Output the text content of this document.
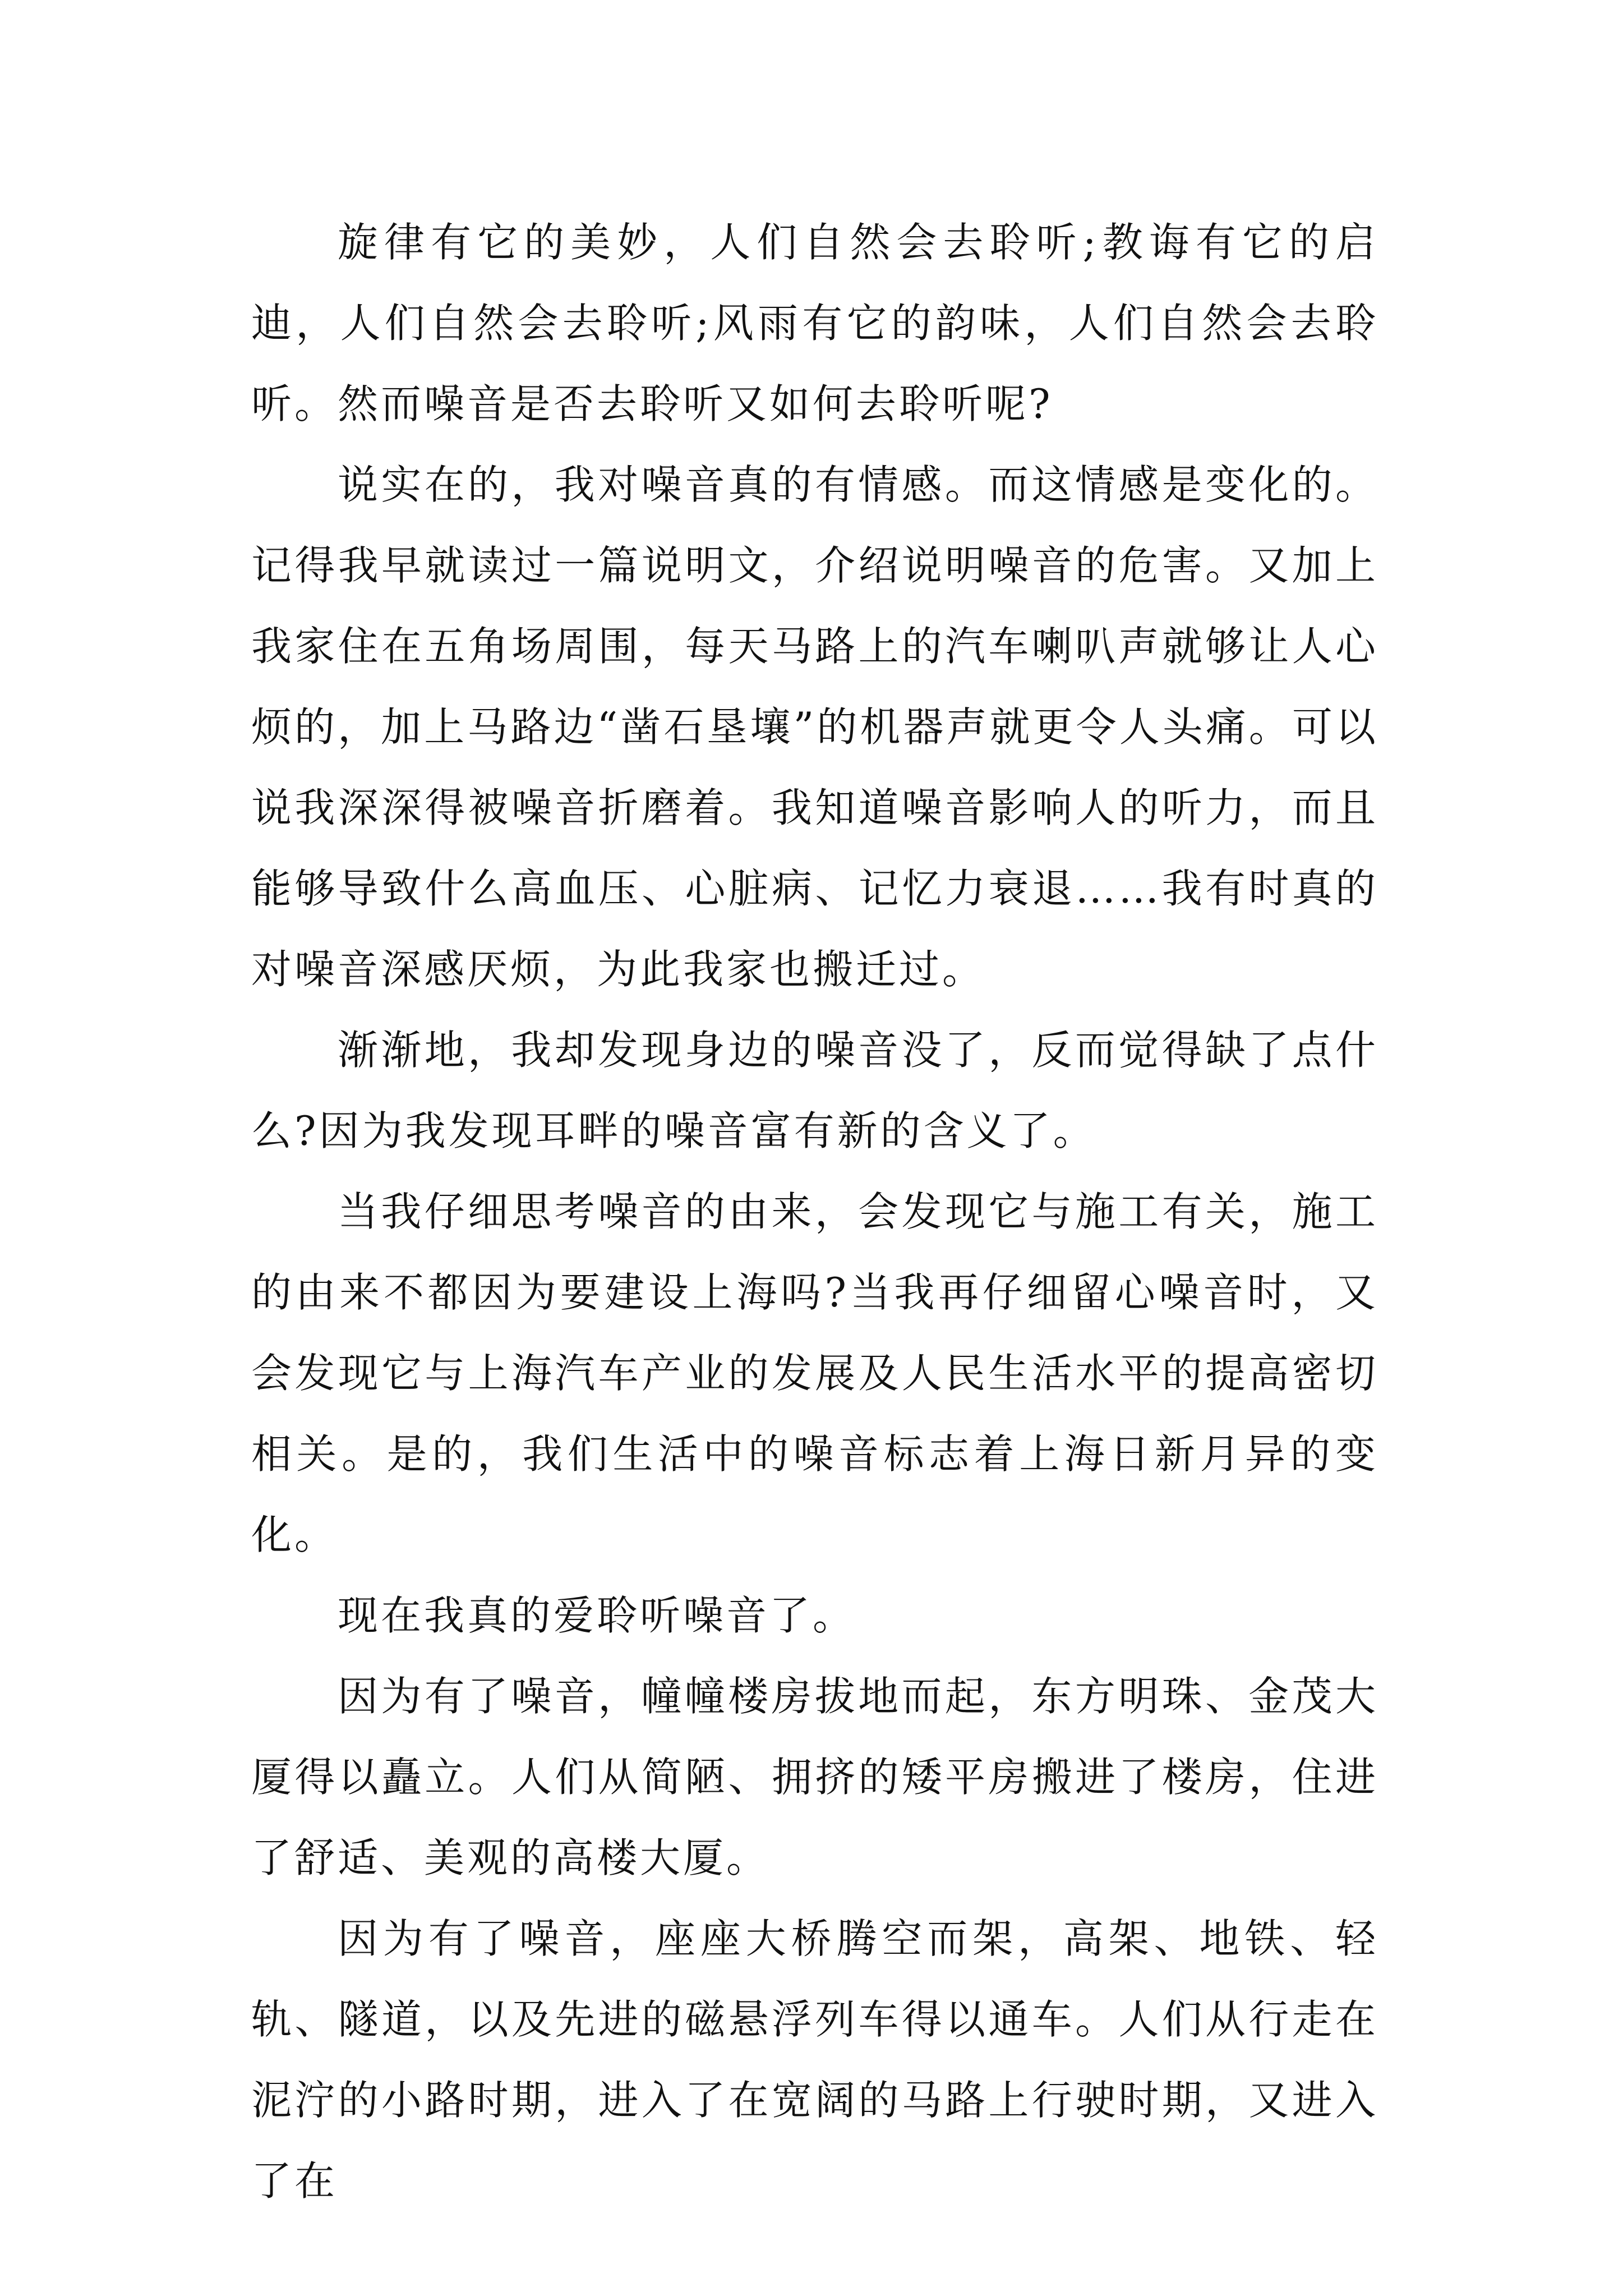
旋律有它的美妙，人们自然会去聆听;教诲有它的启迪，人们自然会去聆听;风雨有它的韵味，人们自然会去聆听。然而噪音是否去聆听又如何去聆听呢?

说实在的，我对噪音真的有情感。而这情感是变化的。记得我早就读过一篇说明文，介绍说明噪音的危害。又加上我家住在五角场周围，每天马路上的汽车喇叭声就够让人心烦的，加上马路边“凿石垦壤”的机器声就更令人头痛。可以说我深深得被噪音折磨着。我知道噪音影响人的听力，而且能够导致什么高血压、心脏病、记忆力衰退……我有时真的对噪音深感厌烦，为此我家也搬迁过。

渐渐地，我却发现身边的噪音没了，反而觉得缺了点什么?因为我发现耳畔的噪音富有新的含义了。

当我仔细思考噪音的由来，会发现它与施工有关，施工的由来不都因为要建设上海吗?当我再仔细留心噪音时，又会发现它与上海汽车产业的发展及人民生活水平的提高密切相关。是的，我们生活中的噪音标志着上海日新月异的变化。

现在我真的爱聆听噪音了。

因为有了噪音，幢幢楼房拔地而起，东方明珠、金茂大厦得以矗立。人们从简陋、拥挤的矮平房搬进了楼房，住进了舒适、美观的高楼大厦。

因为有了噪音，座座大桥腾空而架，高架、地铁、轻轨、隧道，以及先进的磁悬浮列车得以通车。人们从行走在泥泞的小路时期，进入了在宽阔的马路上行驶时期，又进入了在
